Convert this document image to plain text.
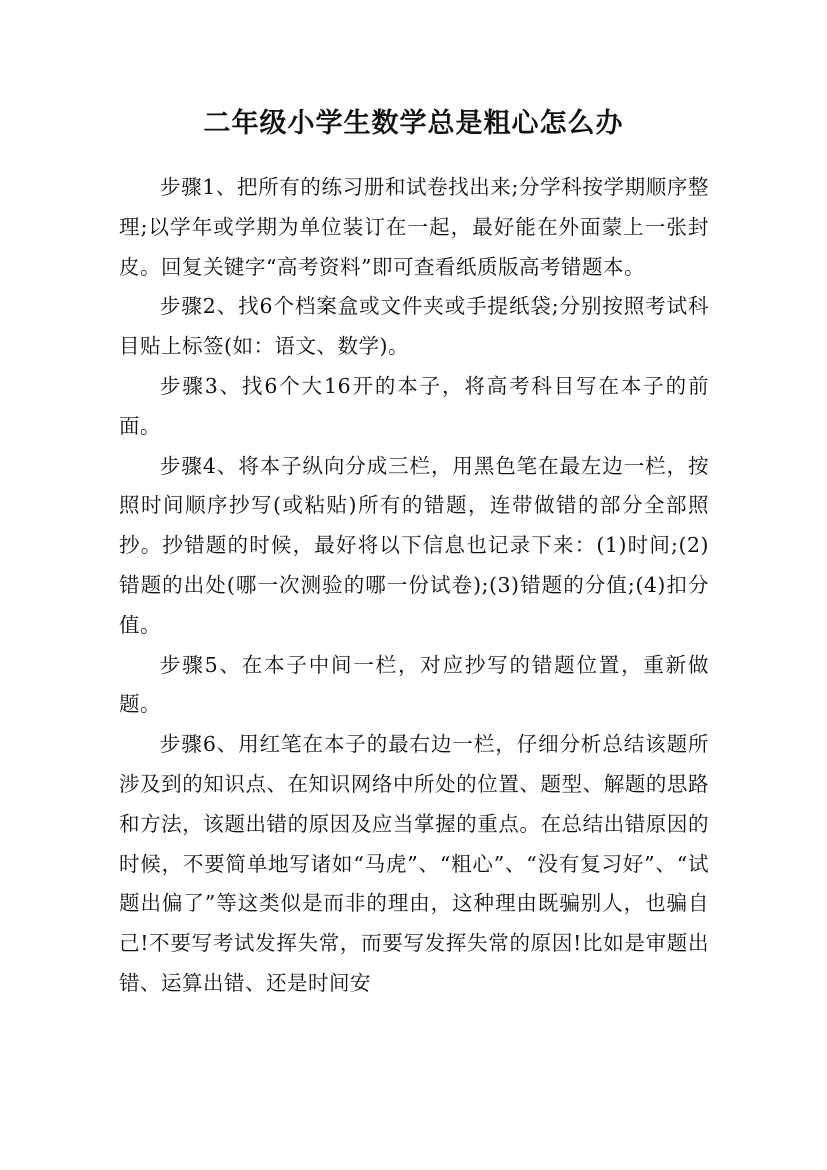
二年级小学生数学总是粗心怎么办

步骤1、把所有的练习册和试卷找出来;分学科按学期顺序整理;以学年或学期为单位装订在一起，最好能在外面蒙上一张封皮。回复关键字“高考资料”即可查看纸质版高考错题本。

步骤2、找6个档案盒或文件夹或手提纸袋;分别按照考试科目贴上标签(如：语文、数学)。

步骤3、找6个大16开的本子，将高考科目写在本子的前面。

步骤4、将本子纵向分成三栏，用黑色笔在最左边一栏，按照时间顺序抄写(或粘贴)所有的错题，连带做错的部分全部照抄。抄错题的时候，最好将以下信息也记录下来：(1)时间;(2)错题的出处(哪一次测验的哪一份试卷);(3)错题的分值;(4)扣分值。

步骤5、在本子中间一栏，对应抄写的错题位置，重新做题。

步骤6、用红笔在本子的最右边一栏，仔细分析总结该题所涉及到的知识点、在知识网络中所处的位置、题型、解题的思路和方法，该题出错的原因及应当掌握的重点。在总结出错原因的时候，不要简单地写诸如“马虎”、“粗心”、“没有复习好”、“试题出偏了”等这类似是而非的理由，这种理由既骗别人，也骗自己!不要写考试发挥失常，而要写发挥失常的原因!比如是审题出错、运算出错、还是时间安
